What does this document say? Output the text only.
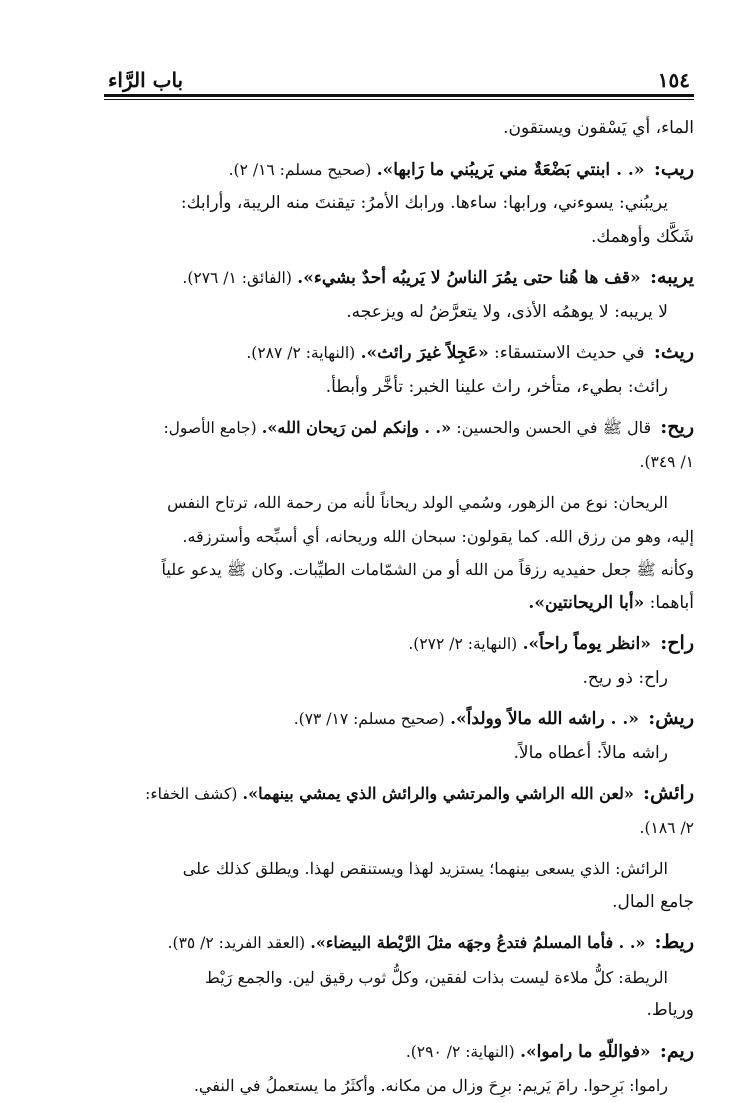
١٥٤
باب الرَّاء

الماء، أي يَسْقون ويستقون.

ريب: «. . ابنتي بَضْعَةٌ مني يَريبُني ما رَابها». (صحيح مسلم: ١٦/ ٢).

يريبُني: يسوءني، ورابها: ساءها. ورابك الأمرُ: تيقنتَ منه الريبة، وأرابك:

شَكَّك وأوهمك.

يريبه: «قف ها هُنا حتى يمُرَ الناسُ لا يَريبُه أحدٌ بشيء». (الفائق: ١/ ٢٧٦).

لا يريبه: لا يوهمُه الأذى، ولا يتعرَّضُ له ويزعجه.

ريث: في حديث الاستسقاء: «عَجِلاً غيرَ رائث». (النهاية: ٢/ ٢٨٧).

رائث: بطيء، متأخر، راث علينا الخبر: تأخَّر وأبطأ.

ريح: قال ﷺ في الحسن والحسين: «. . وإنكم لمن رَيحان الله». (جامع الأصول:

١/ ٣٤٩).

الريحان: نوع من الزهور، وسُمي الولد ريحاناً لأنه من رحمة الله، ترتاح النفس

إليه، وهو من رزق الله. كما يقولون: سبحان الله وريحانه، أي أسبِّحه وأسترزقه.

وكأنه ﷺ جعل حفيديه رزقاً من الله أو من الشمّامات الطيِّبات. وكان ﷺ يدعو علياً

أباهما: «أبا الريحانتين».

راح: «انظر يوماً راحاً». (النهاية: ٢/ ٢٧٢).

راح: ذو ريح.

ريش: «. . راشه الله مالاً وولداً». (صحيح مسلم: ١٧/ ٧٣).

راشه مالاً: أعطاه مالاً.

رائش: «لعن الله الراشي والمرتشي والرائش الذي يمشي بينهما». (كشف الخفاء:

٢/ ١٨٦).

الرائش: الذي يسعى بينهما؛ يستزيد لهذا ويستنقص لهذا. ويطلق كذلك على

جامع المال.

ريط: «. . فأما المسلمُ فتدعُ وجهَه مثلَ الرَّيْطة البيضاء». (العقد الفريد: ٢/ ٣٥).

الريطة: كلُّ ملاءة ليست بذات لفقين، وكلُّ ثوب رقيق لين. والجمع رَيْط

ورياط.

ريم: «فواللّهِ ما راموا». (النهاية: ٢/ ٢٩٠).

راموا: بَرِحوا. رامَ يَريم: برِحَ وزال من مكانه. وأكثَرُ ما يستعملُ في النفي.
